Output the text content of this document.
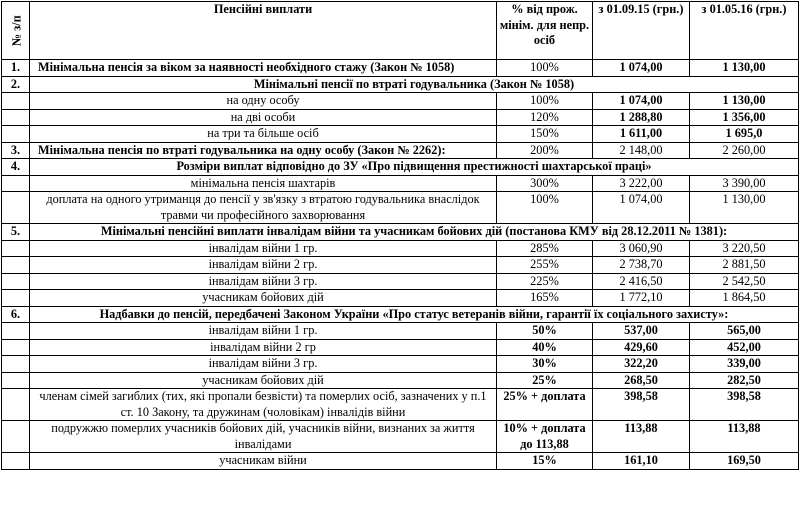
№ з/п	Пенсійні виплати	% від прож. мінім. для непр. осіб	з 01.09.15 (грн.)	з 01.05.16 (грн.)
1.	Мінімальна пенсія за віком за наявності необхідного стажу (Закон № 1058)	100%	1 074,00	1 130,00
2.	Мінімальні пенсії по втраті годувальника (Закон № 1058)			
	на одну особу	100%	1 074,00	1 130,00
	на дві особи	120%	1 288,80	1 356,00
	на три та більше осіб	150%	1 611,00	1 695,0
3.	Мінімальна пенсія по втраті годувальника на одну особу (Закон № 2262):	200%	2 148,00	2 260,00
4.	Розміри виплат відповідно до ЗУ «Про підвищення престижності шахтарської праці»			
	мінімальна пенсія шахтарів	300%	3 222,00	3 390,00
	доплата на одного утриманця до пенсії у зв'язку з втратою годувальника внаслідок травми чи професійного захворювання	100%	1 074,00	1 130,00
5.	Мінімальні пенсійні виплати інвалідам війни та учасникам бойових дій (постанова КМУ від 28.12.2011 № 1381):			
	інвалідам війни 1 гр.	285%	3 060,90	3 220,50
	інвалідам війни 2 гр.	255%	2 738,70	2 881,50
	інвалідам війни 3 гр.	225%	2 416,50	2 542,50
	учасникам бойових дій	165%	1 772,10	1 864,50
6.	Надбавки до пенсій, передбачені Законом України «Про статус ветеранів війни, гарантії їх соціального захисту»:			
	інвалідам війни 1 гр.	50%	537,00	565,00
	інвалідам війни 2 гр	40%	429,60	452,00
	інвалідам війни 3 гр.	30%	322,20	339,00
	учасникам бойових дій	25%	268,50	282,50
	членам сімей загиблих (тих, які пропали безвісти) та померлих осіб, зазначених у п.1 ст. 10 Закону, та дружинам (чоловікам) інвалідів війни	25% + доплата	398,58	398,58
	подружжю померлих учасників бойових дій, учасників війни, визнаних за життя інвалідами	10% + доплата до 113,88	113,88	113,88
	учасникам війни	15%	161,10	169,50
